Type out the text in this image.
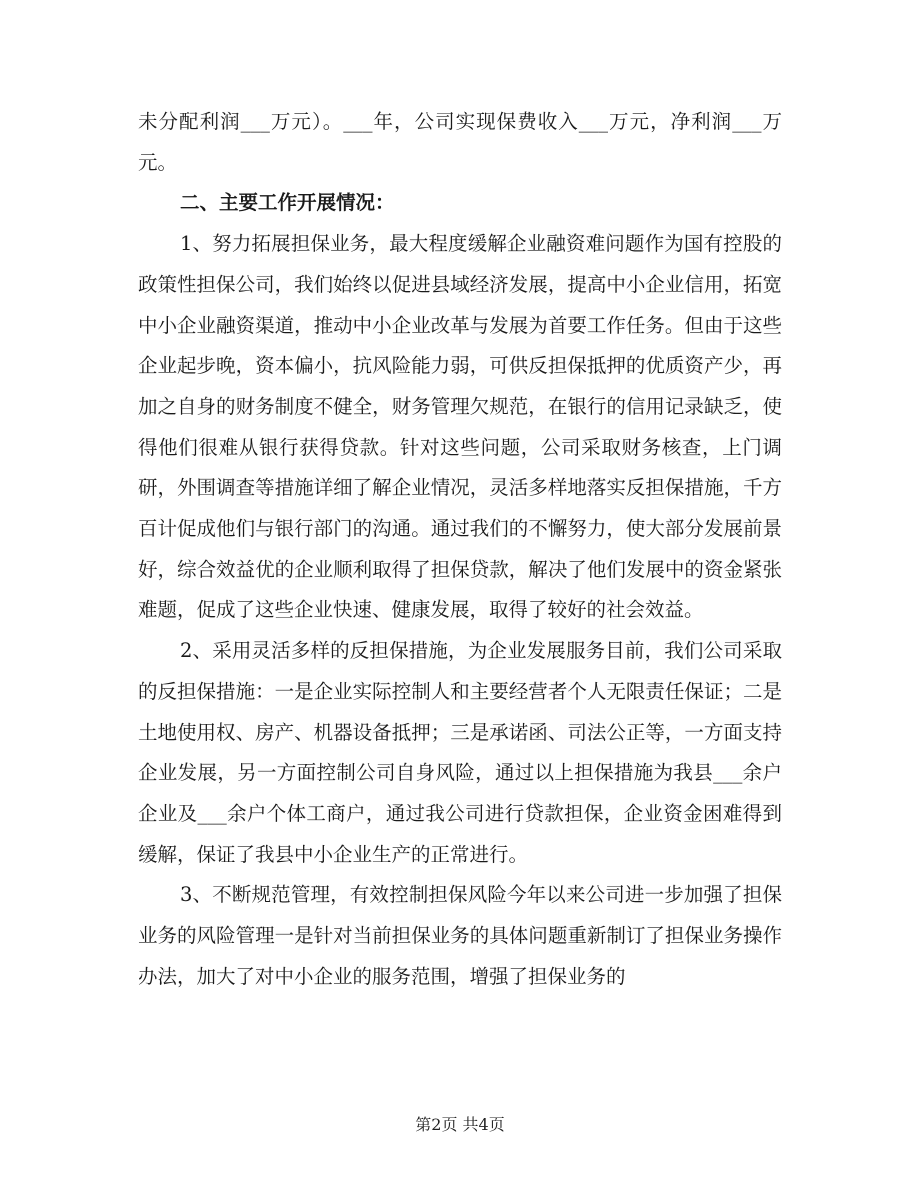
未分配利润___万元）。___年，公司实现保费收入___万元，净利润___万元。

二、主要工作开展情况：

1、努力拓展担保业务，最大程度缓解企业融资难问题作为国有控股的政策性担保公司，我们始终以促进县域经济发展，提高中小企业信用，拓宽中小企业融资渠道，推动中小企业改革与发展为首要工作任务。但由于这些企业起步晚，资本偏小，抗风险能力弱，可供反担保抵押的优质资产少，再加之自身的财务制度不健全，财务管理欠规范，在银行的信用记录缺乏，使得他们很难从银行获得贷款。针对这些问题，公司采取财务核查，上门调研，外围调查等措施详细了解企业情况，灵活多样地落实反担保措施，千方百计促成他们与银行部门的沟通。通过我们的不懈努力，使大部分发展前景好，综合效益优的企业顺利取得了担保贷款，解决了他们发展中的资金紧张难题，促成了这些企业快速、健康发展，取得了较好的社会效益。

2、采用灵活多样的反担保措施，为企业发展服务目前，我们公司采取的反担保措施：一是企业实际控制人和主要经营者个人无限责任保证；二是土地使用权、房产、机器设备抵押；三是承诺函、司法公正等，一方面支持企业发展，另一方面控制公司自身风险，通过以上担保措施为我县___余户企业及___余户个体工商户，通过我公司进行贷款担保，企业资金困难得到缓解，保证了我县中小企业生产的正常进行。

3、不断规范管理，有效控制担保风险今年以来公司进一步加强了担保业务的风险管理一是针对当前担保业务的具体问题重新制订了担保业务操作办法，加大了对中小企业的服务范围，增强了担保业务的

第2页 共4页
